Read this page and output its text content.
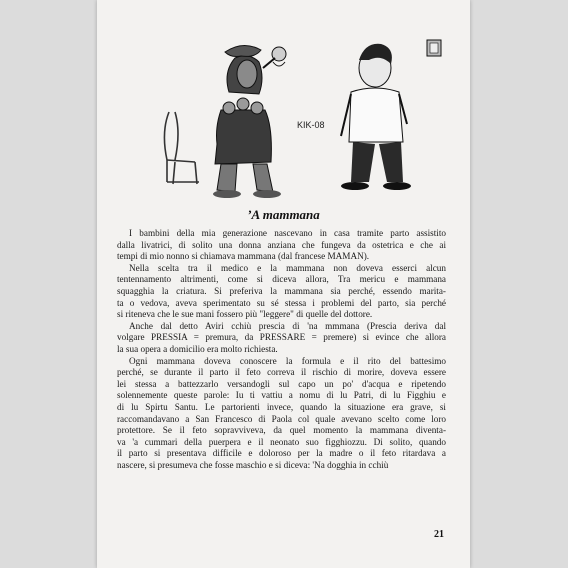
KIK-08
’A mammana
I bambini della mia generazione nascevano in casa tramite parto assistito
dalla livatrici, di solito una donna anziana che fungeva da ostetrica e che ai
tempi di mio nonno si chiamava mammana (dal francese MAMAN).
Nella scelta tra il medico e la mammana non doveva esserci alcun
tentennamento altrimenti, come si diceva allora, Tra mericu e mammana
squagghia la criatura. Si preferiva la mammana sia perché, essendo marita-
ta o vedova, aveva sperimentato su sé stessa i problemi del parto, sia perché
si riteneva che le sue mani fossero più "leggere" di quelle del dottore.
Anche dal detto Aviri cchiù prescia di 'na mmmana (Prescia deriva dal
volgare PRESSIA = premura, da PRESSARE = premere) si evince che allora
la sua opera a domicilio era molto richiesta.
Ogni mammana doveva conoscere la formula e il rito del battesimo
perché, se durante il parto il feto correva il rischio di morire, doveva essere
lei stessa a battezzarlo versandogli sul capo un po' d'acqua e ripetendo
solennemente queste parole: Iu ti vattiu a nomu di lu Patri, di lu Figghiu e
di lu Spirtu Santu. Le partorienti invece, quando la situazione era grave, si
raccomandavano a San Francesco di Paola col quale avevano scelto come loro
protettore. Se il feto sopravviveva, da quel momento la mammana diventa-
va 'a cummari della puerpera e il neonato suo figghiozzu. Di solito, quando
il parto si presentava difficile e doloroso per la madre o il feto ritardava a
nascere, si presumeva che fosse maschio e si diceva: 'Na dogghia in cchiù
21
